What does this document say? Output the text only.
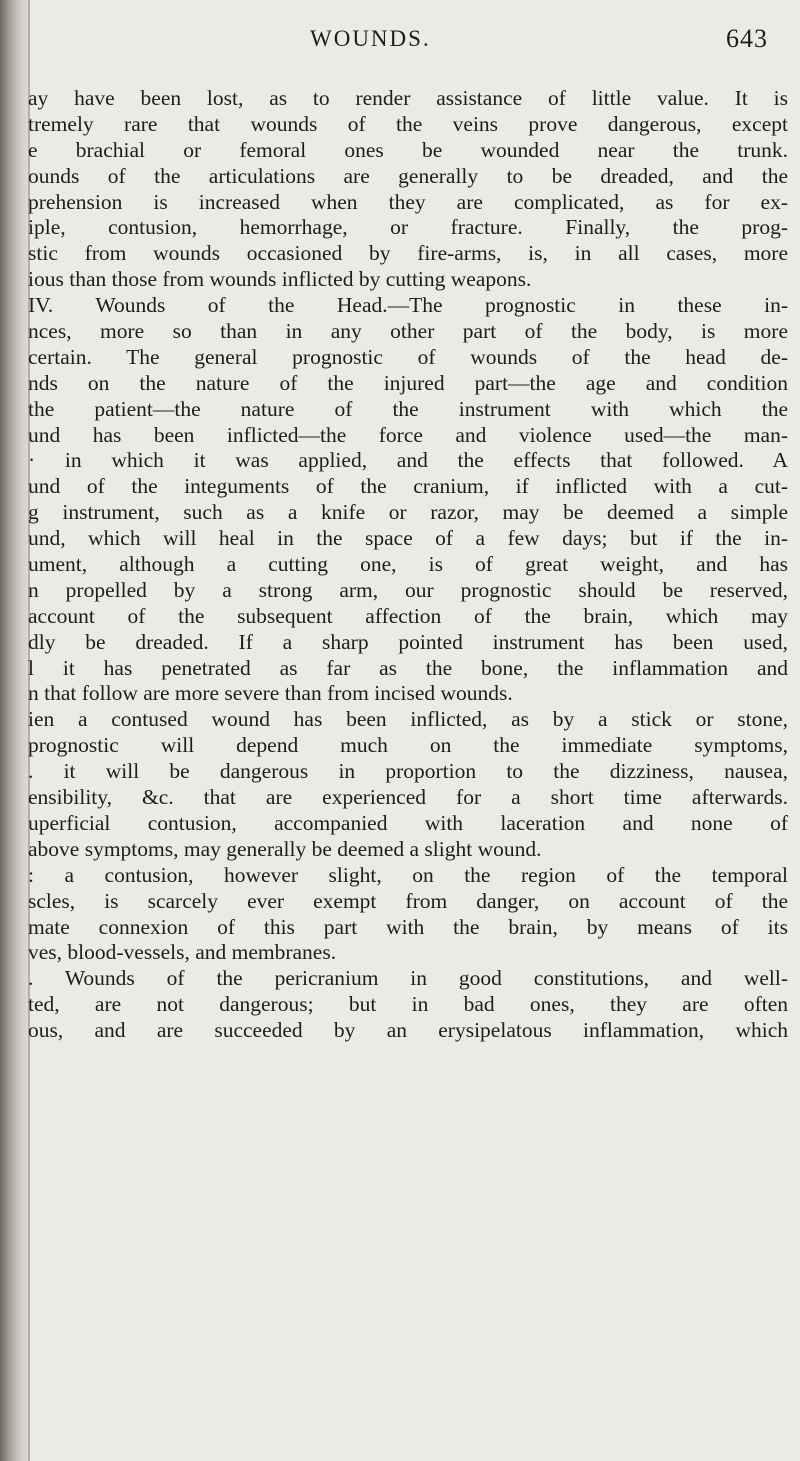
WOUNDS.	643
ay have been lost, as to render assistance of little value. It is
tremely rare that wounds of the veins prove dangerous, except
e brachial or femoral ones be wounded near the trunk.
ounds of the articulations are generally to be dreaded, and the
prehension is increased when they are complicated, as for ex-
iple, contusion, hemorrhage, or fracture. Finally, the prog-
stic from wounds occasioned by fire-arms, is, in all cases, more
ious than those from wounds inflicted by cutting weapons.
IV. Wounds of the Head.—The prognostic in these in-
nces, more so than in any other part of the body, is more
certain. The general prognostic of wounds of the head de-
nds on the nature of the injured part—the age and condition
the patient—the nature of the instrument with which the
und has been inflicted—the force and violence used—the man-
· in which it was applied, and the effects that followed. A
und of the integuments of the cranium, if inflicted with a cut-
g instrument, such as a knife or razor, may be deemed a simple
und, which will heal in the space of a few days; but if the in-
ument, although a cutting one, is of great weight, and has
n propelled by a strong arm, our prognostic should be reserved,
account of the subsequent affection of the brain, which may
dly be dreaded. If a sharp pointed instrument has been used,
l it has penetrated as far as the bone, the inflammation and
n that follow are more severe than from incised wounds.
ien a contused wound has been inflicted, as by a stick or stone,
prognostic will depend much on the immediate symptoms,
. it will be dangerous in proportion to the dizziness, nausea,
ensibility, &c. that are experienced for a short time afterwards.
uperficial contusion, accompanied with laceration and none of
above symptoms, may generally be deemed a slight wound.
: a contusion, however slight, on the region of the temporal
scles, is scarcely ever exempt from danger, on account of the
mate connexion of this part with the brain, by means of its
ves, blood-vessels, and membranes.
. Wounds of the pericranium in good constitutions, and well-
ted, are not dangerous; but in bad ones, they are often
ous, and are succeeded by an erysipelatous inflammation, which
